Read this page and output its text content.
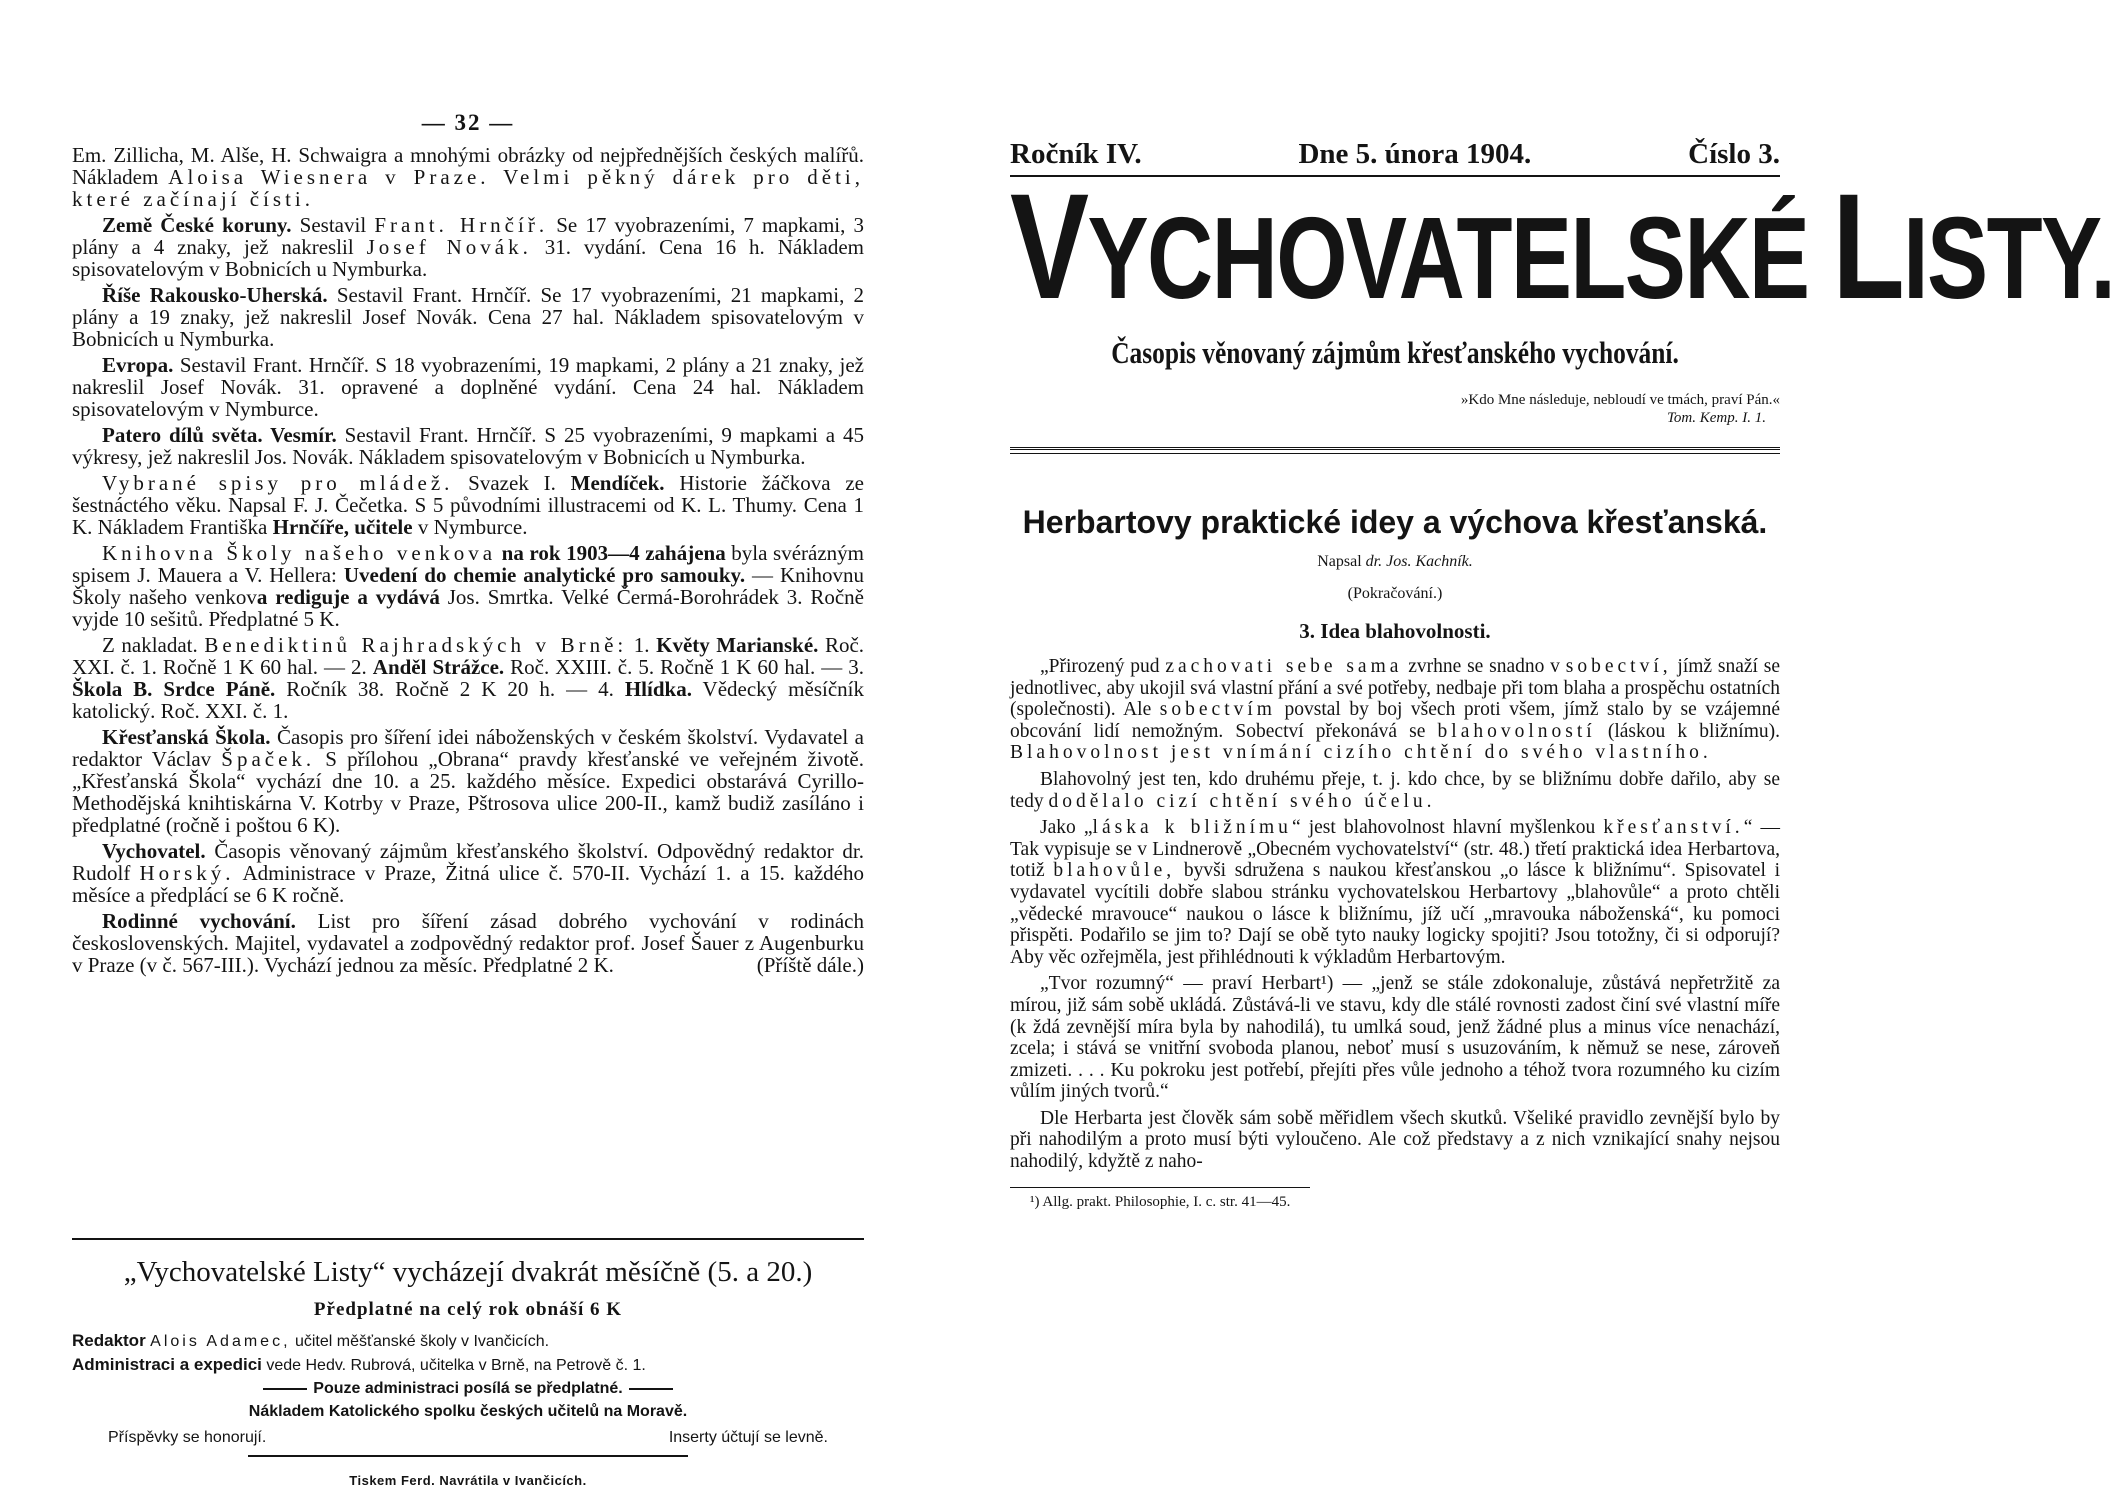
— 32 —

Em. Zillicha, M. Alše, H. Schwaigra a mnohými obrázky od nejpřednějších českých malířů. Nákladem Aloisa Wiesnera v Praze. Velmi pěkný dárek pro děti, které začínají čísti.

Země České koruny. Sestavil Frant. Hrnčíř. Se 17 vyobrazeními, 7 mapkami, 3 plány a 4 znaky, jež nakreslil Josef Novák. 31. vydání. Cena 16 h. Nákladem spisovatelovým v Bobnicích u Nymburka.

Říše Rakousko-Uherská. Sestavil Frant. Hrnčíř. Se 17 vyobrazeními, 21 mapkami, 2 plány a 19 znaky, jež nakreslil Josef Novák. Cena 27 hal. Nákladem spisovatelovým v Bobnicích u Nymburka.

Evropa. Sestavil Frant. Hrnčíř. S 18 vyobrazeními, 19 mapkami, 2 plány a 21 znaky, jež nakreslil Josef Novák. 31. opravené a doplněné vydání. Cena 24 hal. Nákladem spisovatelovým v Nymburce.

Patero dílů světa. Vesmír. Sestavil Frant. Hrnčíř. S 25 vyobrazeními, 9 mapkami a 45 výkresy, jež nakreslil Jos. Novák. Nákladem spisovatelovým v Bobnicích u Nymburka.

Vybrané spisy pro mládež. Svazek I. Mendíček. Historie žáčkova ze šestnáctého věku. Napsal F. J. Čečetka. S 5 původními illustracemi od K. L. Thumy. Cena 1 K. Nákladem Františka Hrnčíře, učitele v Nymburce.

Knihovna Školy našeho venkova na rok 1903—4 zahájena byla svérázným spisem J. Mauera a V. Hellera: Uvedení do chemie analytické pro samouky. — Knihovnu Školy našeho venkova rediguje a vydává Jos. Smrtka. Velké Čermá-Borohrádek 3. Ročně vyjde 10 sešitů. Předplatné 5 K.

Z nakladat. Benediktinů Rajhradských v Brně: 1. Květy Marianské. Roč. XXI. č. 1. Ročně 1 K 60 hal. — 2. Anděl Strážce. Roč. XXIII. č. 5. Ročně 1 K 60 hal. — 3. Škola B. Srdce Páně. Ročník 38. Ročně 2 K 20 h. — 4. Hlídka. Vědecký měsíčník katolický. Roč. XXI. č. 1.

Křesťanská Škola. Časopis pro šíření idei náboženských v českém školství. Vydavatel a redaktor Václav Špaček. S přílohou „Obrana“ pravdy křesťanské ve veřejném životě. „Křesťanská Škola“ vychází dne 10. a 25. každého měsíce. Expedici obstarává Cyrillo-Methodějská knihtiskárna V. Kotrby v Praze, Pštrosova ulice 200-II., kamž budiž zasíláno i předplatné (ročně i poštou 6 K).

Vychovatel. Časopis věnovaný zájmům křesťanského školství. Odpovědný redaktor dr. Rudolf Horský. Administrace v Praze, Žitná ulice č. 570-II. Vychází 1. a 15. každého měsíce a předplácí se 6 K ročně.

Rodinné vychování. List pro šíření zásad dobrého vychování v rodinách československých. Majitel, vydavatel a zodpovědný redaktor prof. Josef Šauer z Augenburku v Praze (v č. 567-III.). Vychází jednou za měsíc. Předplatné 2 K.	(Příště dále.)

„Vychovatelské Listy“ vycházejí dvakrát měsíčně (5. a 20.)
Předplatné na celý rok obnáší 6 K
Redaktor Alois Adamec, učitel měšťanské školy v Ivančicích.
Administraci a expedici vede Hedv. Rubrová, učitelka v Brně, na Petrově č. 1.
Pouze administraci posílá se předplatné.
Nákladem Katolického spolku českých učitelů na Moravě.
Příspěvky se honorují.	Inserty účtují se levně.
Tiskem Ferd. Navrátila v Ivančicích.
Ročník IV.	Dne 5. února 1904.	Číslo 3.
VYCHOVATELSKÉ LISTY.
Časopis věnovaný zájmům křesťanského vychování.
»Kdo Mne následuje, nebloudí ve tmách, praví Pán.«
Tom. Kemp. I. 1.
Herbartovy praktické idey a výchova křesťanská.
Napsal dr. Jos. Kachník.
(Pokračování.)
3. Idea blahovolnosti.

„Přirozený pud zachovati sebe sama zvrhne se snadno v sobectví, jímž snaží se jednotlivec, aby ukojil svá vlastní přání a své potřeby, nedbaje při tom blaha a prospěchu ostatních (společnosti). Ale sobectvím povstal by boj všech proti všem, jímž stalo by se vzájemné obcování lidí nemožným. Sobectví překonává se blahovolností (láskou k bližnímu). Blahovolnost jest vnímání cizího chtění do svého vlastního.

Blahovolný jest ten, kdo druhému přeje, t. j. kdo chce, by se bližnímu dobře dařilo, aby se tedy dodělalo cizí chtění svého účelu.

Jako „láska k bližnímu“ jest blahovolnost hlavní myšlenkou křesťanství.“ — Tak vypisuje se v Lindnerově „Obecném vychovatelství“ (str. 48.) třetí praktická idea Herbartova, totiž blahovůle, byvši sdružena s naukou křesťanskou „o lásce k bližnímu“. Spisovatel i vydavatel vycítili dobře slabou stránku vychovatelskou Herbartovy „blahovůle“ a proto chtěli „vědecké mravouce“ naukou o lásce k bližnímu, jíž učí „mravouka náboženská“, ku pomoci přispěti. Podařilo se jim to? Dají se obě tyto nauky logicky spojiti? Jsou totožny, či si odporují? Aby věc ozřejměla, jest přihlédnouti k výkladům Herbartovým.

„Tvor rozumný“ — praví Herbart¹) — „jenž se stále zdokonaluje, zůstává nepřetržitě za mírou, již sám sobě ukládá. Zůstává-li ve stavu, kdy dle stálé rovnosti zadost činí své vlastní míře (k ždá zevnější míra byla by nahodilá), tu umlká soud, jenž žádné plus a minus více nenachází, zcela; i stává se vnitřní svoboda planou, neboť musí s usuzováním, k němuž se nese, zároveň zmizeti. . . . Ku pokroku jest potřebí, přejíti přes vůle jednoho a téhož tvora rozumného ku cizím vůlím jiných tvorů.“

Dle Herbarta jest člověk sám sobě měřidlem všech skutků. Všeliké pravidlo zevnější bylo by při nahodilým a proto musí býti vyloučeno. Ale což představy a z nich vznikající snahy nejsou nahodilý, kdyžtě z naho-

¹) Allg. prakt. Philosophie, I. c. str. 41—45.
